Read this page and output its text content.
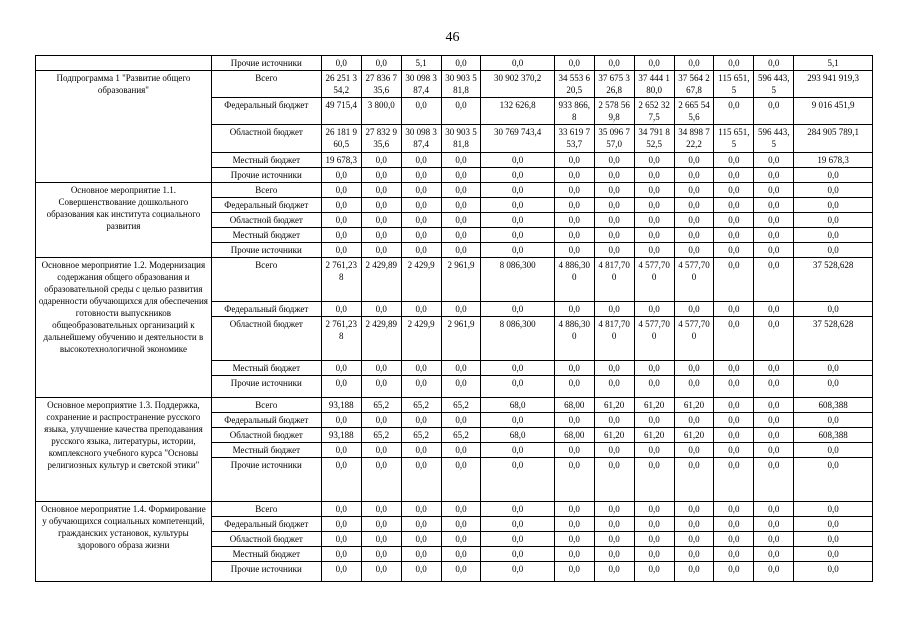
46
	Прочие источники	0,0	0,0	5,1	0,0	0,0	0,0	0,0	0,0	0,0	0,0	0,0	5,1
Подпрограмма 1 "Развитие общего образования"	Всего	26 251 354,2	27 836 735,6	30 098 387,4	30 903 581,8	30 902 370,2	34 553 620,5	37 675 326,8	37 444 180,0	37 564 267,8	115 651,5	596 443,5	293 941 919,3
	Федеральный бюджет	49 715,4	3 800,0	0,0	0,0	132 626,8	933 866,8	2 578 569,8	2 652 327,5	2 665 545,6	0,0	0,0	9 016 451,9
	Областной бюджет	26 181 960,5	27 832 935,6	30 098 387,4	30 903 581,8	30 769 743,4	33 619 753,7	35 096 757,0	34 791 852,5	34 898 722,2	115 651,5	596 443,5	284 905 789,1
	Местный бюджет	19 678,3	0,0	0,0	0,0	0,0	0,0	0,0	0,0	0,0	0,0	0,0	19 678,3
	Прочие источники	0,0	0,0	0,0	0,0	0,0	0,0	0,0	0,0	0,0	0,0	0,0	0,0
Основное мероприятие 1.1. Совершенствование дошкольного образования как института социального развития	Всего	0,0	0,0	0,0	0,0	0,0	0,0	0,0	0,0	0,0	0,0	0,0	0,0
	Федеральный бюджет	0,0	0,0	0,0	0,0	0,0	0,0	0,0	0,0	0,0	0,0	0,0	0,0
	Областной бюджет	0,0	0,0	0,0	0,0	0,0	0,0	0,0	0,0	0,0	0,0	0,0	0,0
	Местный бюджет	0,0	0,0	0,0	0,0	0,0	0,0	0,0	0,0	0,0	0,0	0,0	0,0
	Прочие источники	0,0	0,0	0,0	0,0	0,0	0,0	0,0	0,0	0,0	0,0	0,0	0,0
Основное мероприятие 1.2. Модернизация содержания общего образования и образовательной среды с целью развития одаренности обучающихся для обеспечения готовности выпускников общеобразовательных организаций к дальнейшему обучению и деятельности в высокотехнологичной экономике	Всего	2 761,238	2 429,89	2 429,9	2 961,9	8 086,300	4 886,300	4 817,700	4 577,700	4 577,700	0,0	0,0	37 528,628
	Федеральный бюджет	0,0	0,0	0,0	0,0	0,0	0,0	0,0	0,0	0,0	0,0	0,0	0,0
	Областной бюджет	2 761,238	2 429,89	2 429,9	2 961,9	8 086,300	4 886,300	4 817,700	4 577,700	4 577,700	0,0	0,0	37 528,628
	Местный бюджет	0,0	0,0	0,0	0,0	0,0	0,0	0,0	0,0	0,0	0,0	0,0	0,0
	Прочие источники	0,0	0,0	0,0	0,0	0,0	0,0	0,0	0,0	0,0	0,0	0,0	0,0
Основное мероприятие 1.3. Поддержка, сохранение и распространение русского языка, улучшение качества преподавания русского языка, литературы, истории, комплексного учебного курса "Основы религиозных культур и светской этики"	Всего	93,188	65,2	65,2	65,2	68,0	68,00	61,20	61,20	61,20	0,0	0,0	608,388
	Федеральный бюджет	0,0	0,0	0,0	0,0	0,0	0,0	0,0	0,0	0,0	0,0	0,0	0,0
	Областной бюджет	93,188	65,2	65,2	65,2	68,0	68,00	61,20	61,20	61,20	0,0	0,0	608,388
	Местный бюджет	0,0	0,0	0,0	0,0	0,0	0,0	0,0	0,0	0,0	0,0	0,0	0,0
	Прочие источники	0,0	0,0	0,0	0,0	0,0	0,0	0,0	0,0	0,0	0,0	0,0	0,0
Основное мероприятие 1.4. Формирование у обучающихся социальных компетенций, гражданских установок, культуры здорового образа жизни	Всего	0,0	0,0	0,0	0,0	0,0	0,0	0,0	0,0	0,0	0,0	0,0	0,0
	Федеральный бюджет	0,0	0,0	0,0	0,0	0,0	0,0	0,0	0,0	0,0	0,0	0,0	0,0
	Областной бюджет	0,0	0,0	0,0	0,0	0,0	0,0	0,0	0,0	0,0	0,0	0,0	0,0
	Местный бюджет	0,0	0,0	0,0	0,0	0,0	0,0	0,0	0,0	0,0	0,0	0,0	0,0
	Прочие источники	0,0	0,0	0,0	0,0	0,0	0,0	0,0	0,0	0,0	0,0	0,0	0,0
